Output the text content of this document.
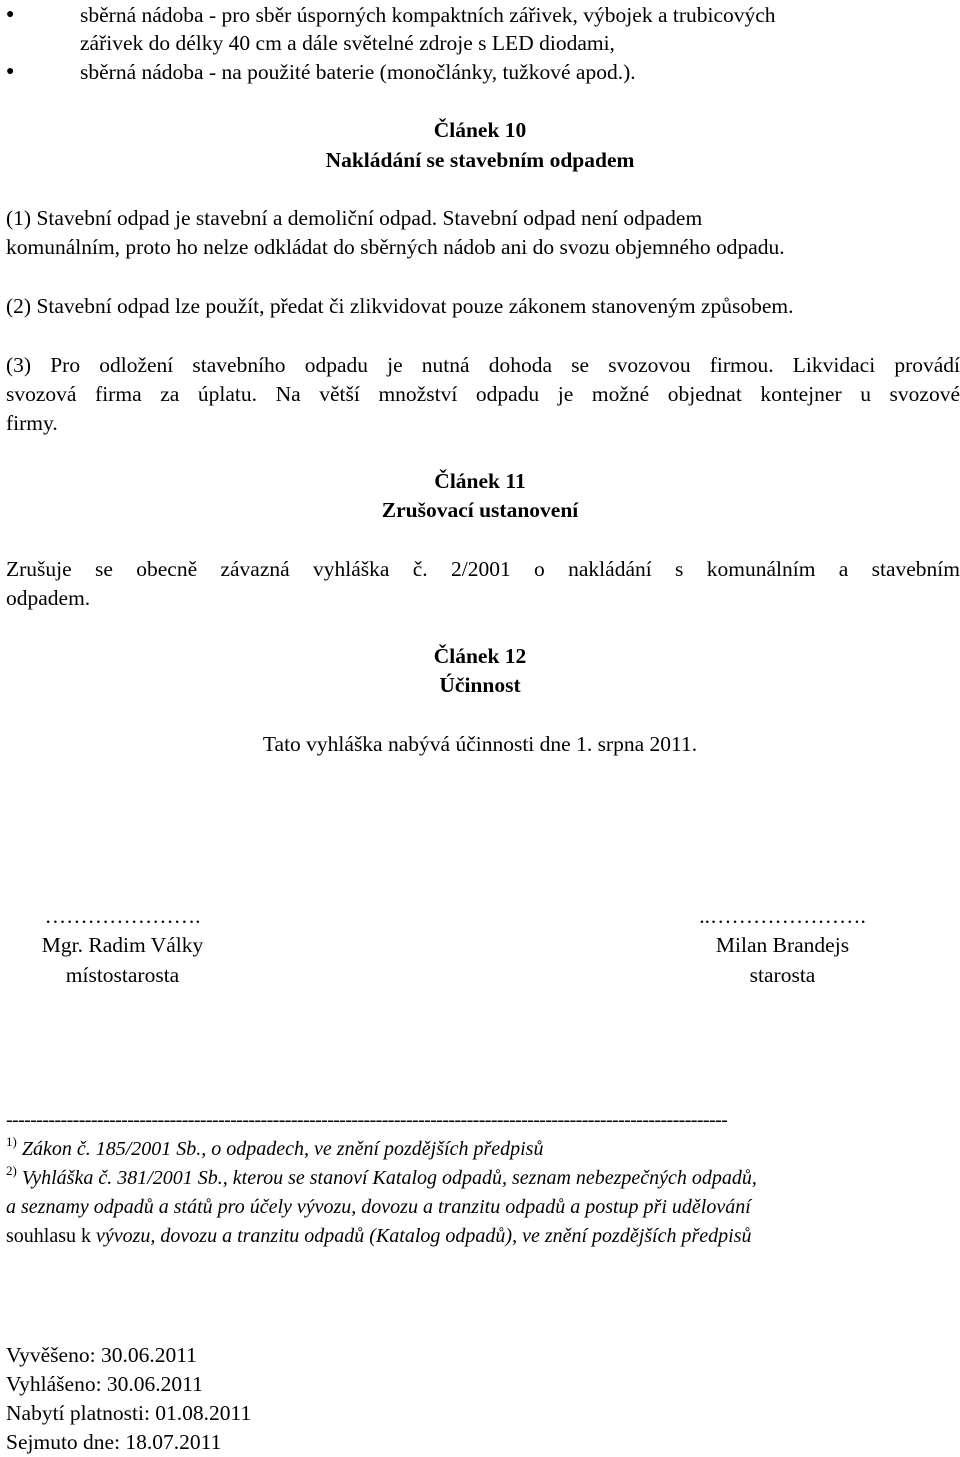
●	sběrná nádoba - pro sběr úsporných kompaktních zářivek, výbojek a trubicových
zářivek do délky 40 cm a dále světelné zdroje s LED diodami,
●	sběrná nádoba - na použité baterie (monočlánky, tužkové apod.).
Článek 10
Nakládání se stavebním odpadem
(1) Stavební odpad je stavební a demoliční odpad. Stavební odpad není odpadem
komunálním, proto ho nelze odkládat do sběrných nádob ani do svozu objemného odpadu.
(2) Stavební odpad lze použít, předat či zlikvidovat pouze zákonem stanoveným způsobem.
(3) Pro odložení stavebního odpadu je nutná dohoda se svozovou firmou. Likvidaci provádí
svozová firma za úplatu. Na větší množství odpadu je možné objednat kontejner u svozové
firmy.
Článek 11
Zrušovací ustanovení
Zrušuje se obecně závazná vyhláška č. 2/2001 o nakládání s komunálním a stavebním
odpadem.
Článek 12
Účinnost
Tato vyhláška nabývá účinnosti dne 1. srpna 2011.
………………….
Mgr. Radim Války
místostarosta
..………………….
Milan Brandejs
starosta
-----------------------------------------------------------------------------------------------------------------------
$^{1)}$ Zákon č. 185/2001 Sb., o odpadech, ve znění pozdějších předpisů
$^{2)}$ Vyhláška č. 381/2001 Sb., kterou se stanoví Katalog odpadů, seznam nebezpečných odpadů,
a seznamy odpadů a států pro účely vývozu, dovozu a tranzitu odpadů a postup při udělování
souhlasu k vývozu, dovozu a tranzitu odpadů (Katalog odpadů), ve znění pozdějších předpisů
Vyvěšeno: 30.06.2011
Vyhlášeno: 30.06.2011
Nabytí platnosti: 01.08.2011
Sejmuto dne: 18.07.2011
